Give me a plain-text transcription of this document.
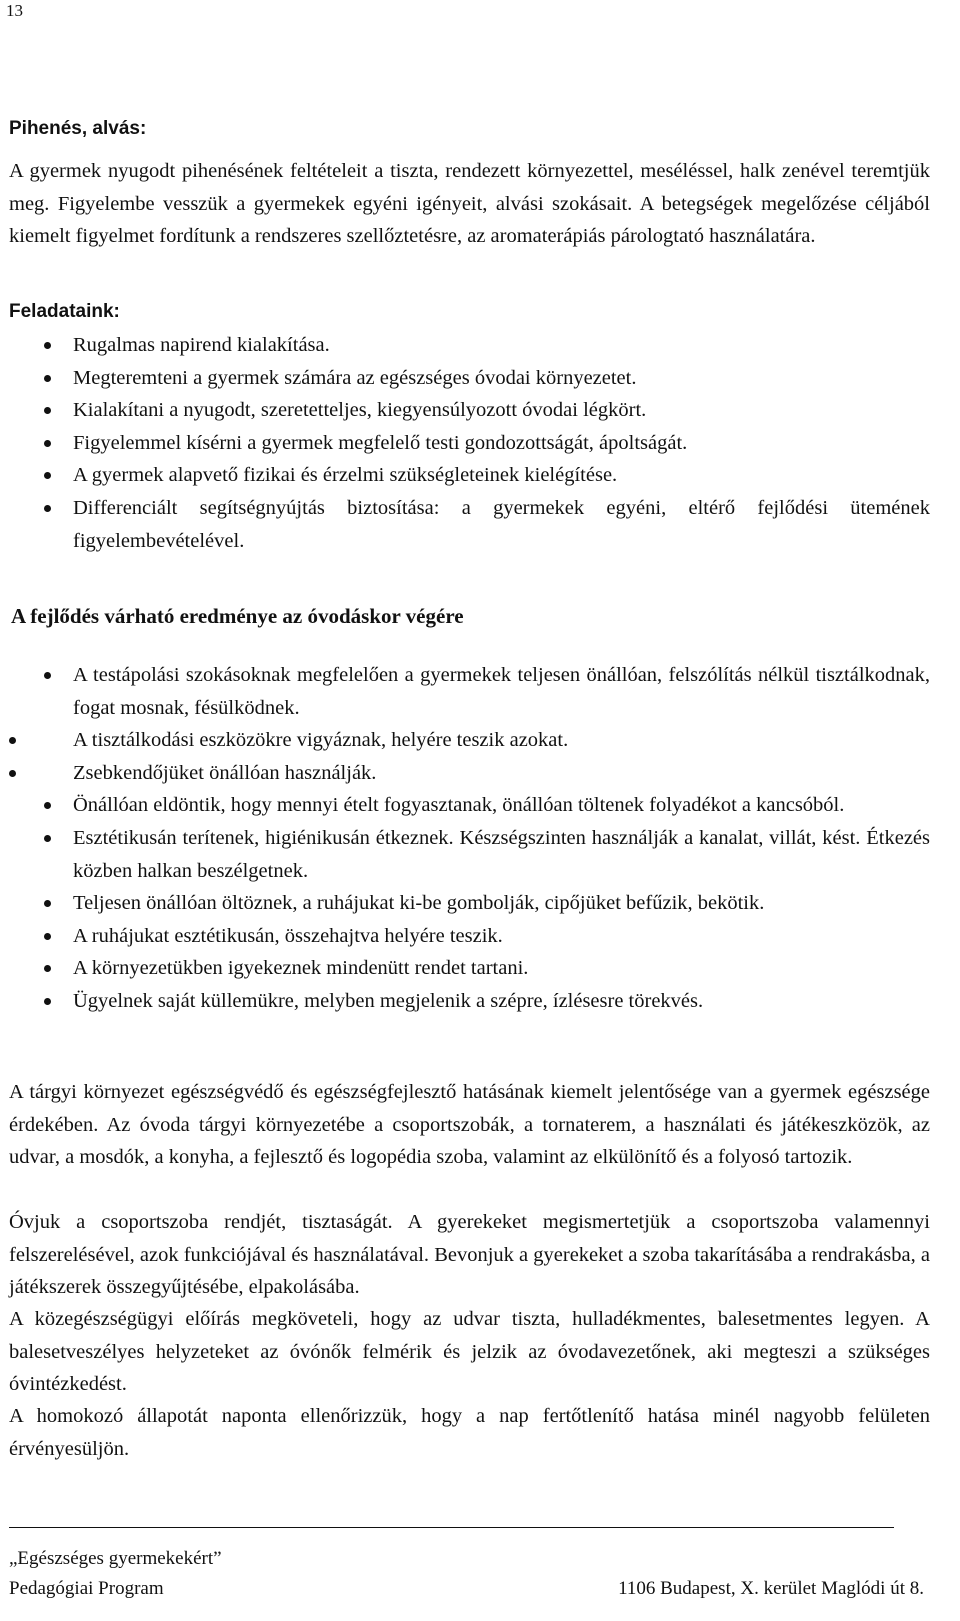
13
Pihenés, alvás:
A gyermek nyugodt pihenésének feltételeit a tiszta, rendezett környezettel, meséléssel, halk zenével teremtjük meg. Figyelembe vesszük a gyermekek egyéni igényeit, alvási szokásait. A betegségek megelőzése céljából kiemelt figyelmet fordítunk a rendszeres szellőztetésre, az aromaterápiás párologtató használatára.
Feladataink:
Rugalmas napirend kialakítása.
Megteremteni a gyermek számára az egészséges óvodai környezetet.
Kialakítani a nyugodt, szeretetteljes, kiegyensúlyozott óvodai légkört.
Figyelemmel kísérni a gyermek megfelelő testi gondozottságát, ápoltságát.
A gyermek alapvető fizikai és érzelmi szükségleteinek kielégítése.
Differenciált segítségnyújtás biztosítása: a gyermekek egyéni, eltérő fejlődési ütemének figyelembevételével.
A fejlődés várható eredménye az óvodáskor végére
A testápolási szokásoknak megfelelően a gyermekek teljesen önállóan, felszólítás nélkül tisztálkodnak, fogat mosnak, fésülködnek.
A tisztálkodási eszközökre vigyáznak, helyére teszik azokat.
Zsebkendőjüket önállóan használják.
Önállóan eldöntik, hogy mennyi ételt fogyasztanak, önállóan töltenek folyadékot a kancsóból.
Esztétikusán terítenek, higiénikusán étkeznek. Készségszinten használják a kanalat, villát, kést. Étkezés közben halkan beszélgetnek.
Teljesen önállóan öltöznek, a ruhájukat ki-be gombolják, cipőjüket befűzik, bekötik.
A ruhájukat esztétikusán, összehajtva helyére teszik.
A környezetükben igyekeznek mindenütt rendet tartani.
Ügyelnek saját küllemükre, melyben megjelenik a szépre, ízlésesre törekvés.
A tárgyi környezet egészségvédő és egészségfejlesztő hatásának kiemelt jelentősége van a gyermek egészsége érdekében. Az óvoda tárgyi környezetébe a csoportszobák, a tornaterem, a használati és játékeszközök, az udvar, a mosdók, a konyha, a fejlesztő és logopédia szoba, valamint az elkülönítő és a folyosó tartozik.
Óvjuk a csoportszoba rendjét, tisztaságát. A gyerekeket megismertetjük a csoportszoba valamennyi felszerelésével, azok funkciójával és használatával. Bevonjuk a gyerekeket a szoba takarításába a rendrakásba, a játékszerek összegyűjtésébe, elpakolásába.
A közegészségügyi előírás megköveteli, hogy az udvar tiszta, hulladékmentes, balesetmentes legyen. A balesetveszélyes helyzeteket az óvónők felmérik és jelzik az óvodavezetőnek, aki megteszi a szükséges óvintézkedést.
A homokozó állapotát naponta ellenőrizzük, hogy a nap fertőtlenítő hatása minél nagyobb felületen érvényesüljön.
„Egészséges gyermekekért”
Pedagógiai Program	1106 Budapest, X. kerület Maglódi út 8.
